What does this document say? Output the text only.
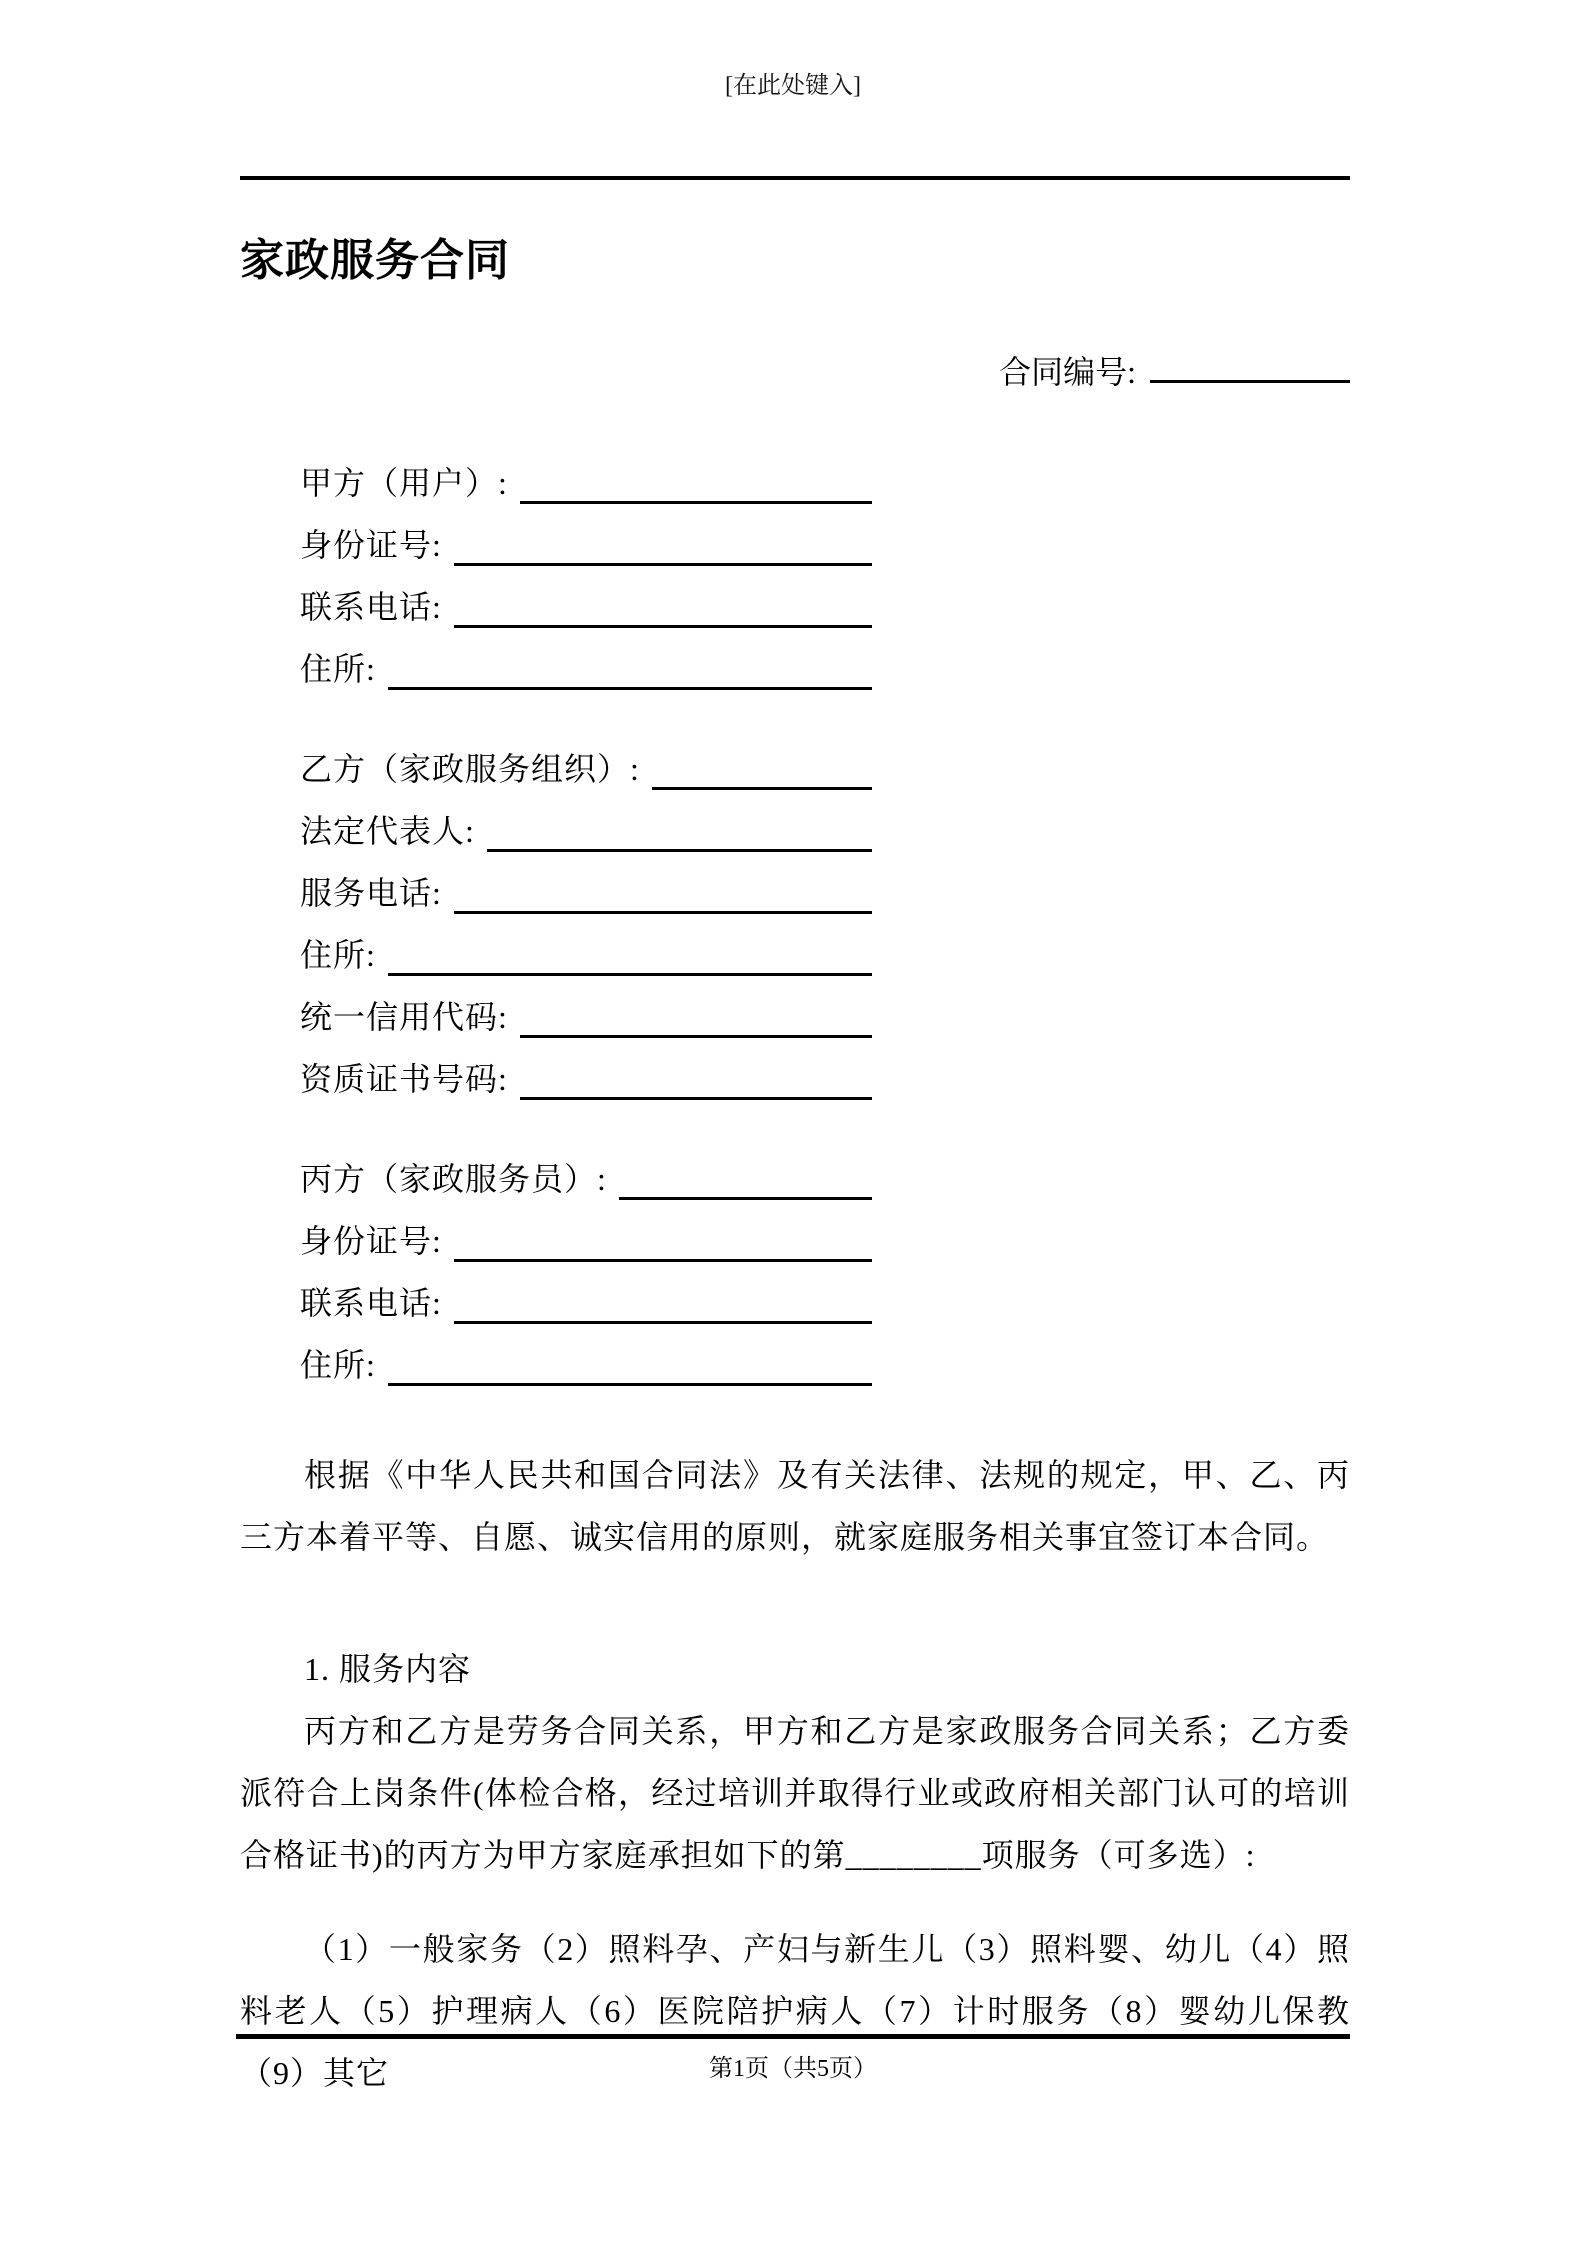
[在此处键入]
家政服务合同
合同编号:
甲方（用户）:
身份证号:
联系电话:
住所:
乙方（家政服务组织）:
法定代表人:
服务电话:
住所:
统一信用代码:
资质证书号码:
丙方（家政服务员）:
身份证号:
联系电话:
住所:

根据《中华人民共和国合同法》及有关法律、法规的规定，甲、乙、丙三方本着平等、自愿、诚实信用的原则，就家庭服务相关事宜签订本合同。

1. 服务内容

丙方和乙方是劳务合同关系，甲方和乙方是家政服务合同关系；乙方委派符合上岗条件(体检合格，经过培训并取得行业或政府相关部门认可的培训合格证书)的丙方为甲方家庭承担如下的第________项服务（可多选）:

（1）一般家务（2）照料孕、产妇与新生儿（3）照料婴、幼儿（4）照料老人（5）护理病人（6）医院陪护病人（7）计时服务（8）婴幼儿保教（9）其它	第1页（共5页）
